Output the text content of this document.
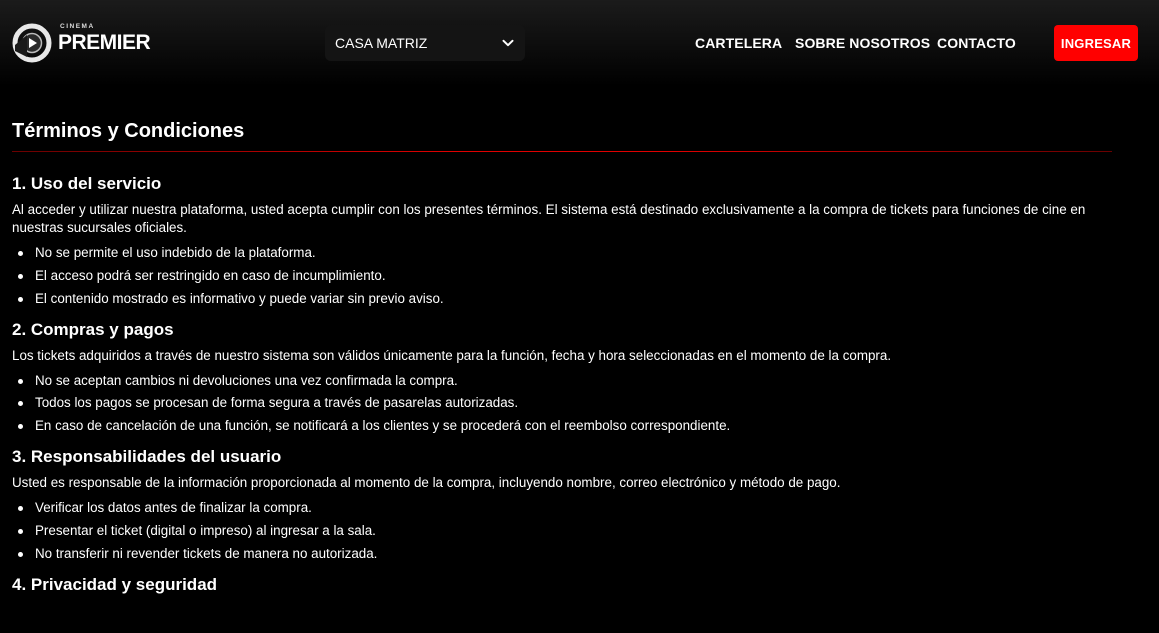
CINEMA
PREMIER	CASA MATRIZ	CARTELERA SOBRE NOSOTROS CONTACTO	INGRESAR
Términos y Condiciones
1. Uso del servicio

Al acceder y utilizar nuestra plataforma, usted acepta cumplir con los presentes términos. El sistema está destinado exclusivamente a la compra de tickets para funciones de cine en nuestras sucursales oficiales.

No se permite el uso indebido de la plataforma.
El acceso podrá ser restringido en caso de incumplimiento.
El contenido mostrado es informativo y puede variar sin previo aviso.
2. Compras y pagos

Los tickets adquiridos a través de nuestro sistema son válidos únicamente para la función, fecha y hora seleccionadas en el momento de la compra.

No se aceptan cambios ni devoluciones una vez confirmada la compra.
Todos los pagos se procesan de forma segura a través de pasarelas autorizadas.
En caso de cancelación de una función, se notificará a los clientes y se procederá con el reembolso correspondiente.
3. Responsabilidades del usuario

Usted es responsable de la información proporcionada al momento de la compra, incluyendo nombre, correo electrónico y método de pago.

Verificar los datos antes de finalizar la compra.
Presentar el ticket (digital o impreso) al ingresar a la sala.
No transferir ni revender tickets de manera no autorizada.
4. Privacidad y seguridad
